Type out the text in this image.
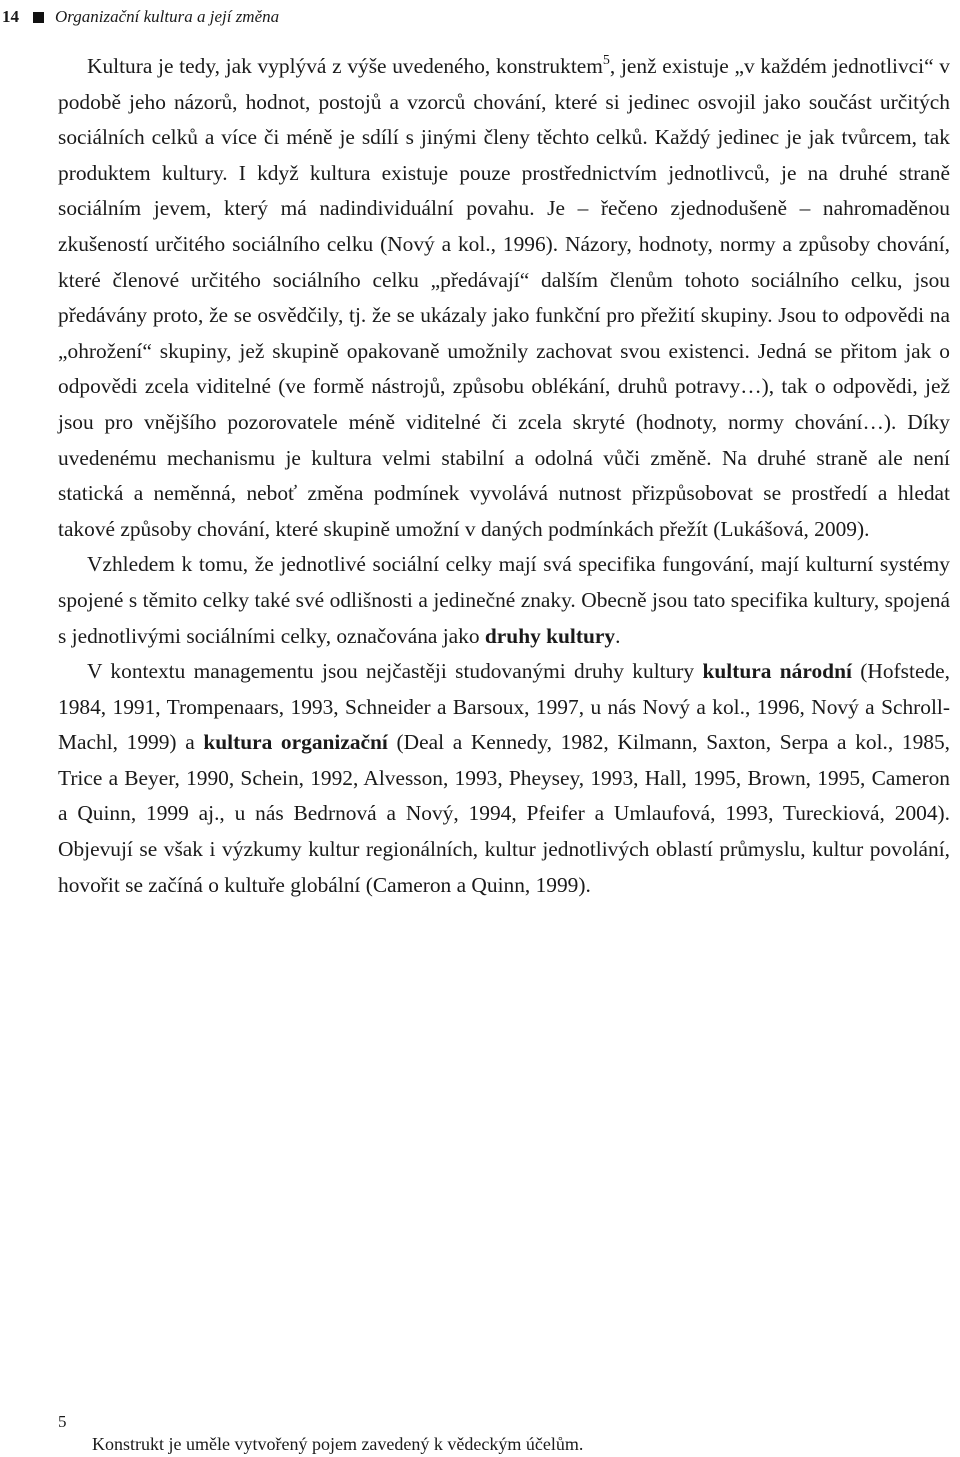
14 Organizační kultura a její změna

Kultura je tedy, jak vyplývá z výše uvedeného, konstruktem$^5$, jenž existuje „v každém jednotlivci“ v podobě jeho názorů, hodnot, postojů a vzorců chování, které si jedinec osvojil jako součást určitých sociálních celků a více či méně je sdílí s jinými členy těchto celků. Každý jedinec je jak tvůrcem, tak produktem kultury. I když kultura existuje pouze prostřednictvím jednotlivců, je na druhé straně sociálním jevem, který má nadindividuální povahu. Je – řečeno zjednodušeně – nahromaděnou zkušeností určitého sociálního celku (Nový a kol., 1996). Názory, hodnoty, normy a způsoby chování, které členové určitého sociálního celku „předávají“ dalším členům tohoto sociálního celku, jsou předávány proto, že se osvědčily, tj. že se ukázaly jako funkční pro přežití skupiny. Jsou to odpovědi na „ohrožení“ skupiny, jež skupině opakovaně umožnily zachovat svou existenci. Jedná se přitom jak o odpovědi zcela viditelné (ve formě nástrojů, způsobu oblékání, druhů potravy…), tak o odpovědi, jež jsou pro vnějšího pozorovatele méně viditelné či zcela skryté (hodnoty, normy chování…). Díky uvedenému mechanismu je kultura velmi stabilní a odolná vůči změně. Na druhé straně ale není statická a neměnná, neboť změna podmínek vyvolává nutnost přizpůsobovat se prostředí a hledat takové způsoby chování, které skupině umožní v daných podmínkách přežít (Lukášová, 2009).

Vzhledem k tomu, že jednotlivé sociální celky mají svá specifika fungování, mají kulturní systémy spojené s těmito celky také své odlišnosti a jedinečné znaky. Obecně jsou tato specifika kultury, spojená s jednotlivými sociálními celky, označována jako druhy kultury.

V kontextu managementu jsou nejčastěji studovanými druhy kultury kultura národní (Hofstede, 1984, 1991, Trompenaars, 1993, Schneider a Barsoux, 1997, u nás Nový a kol., 1996, Nový a Schroll-Machl, 1999) a kultura organizační (Deal a Kennedy, 1982, Kilmann, Saxton, Serpa a kol., 1985, Trice a Beyer, 1990, Schein, 1992, Alvesson, 1993, Pheysey, 1993, Hall, 1995, Brown, 1995, Cameron a Quinn, 1999 aj., u nás Bedrnová a Nový, 1994, Pfeifer a Umlaufová, 1993, Tureckiová, 2004). Objevují se však i výzkumy kultur regionálních, kultur jednotlivých oblastí průmyslu, kultur povolání, hovořit se začíná o kultuře globální (Cameron a Quinn, 1999).

5
Konstrukt je uměle vytvořený pojem zavedený k vědeckým účelům.
